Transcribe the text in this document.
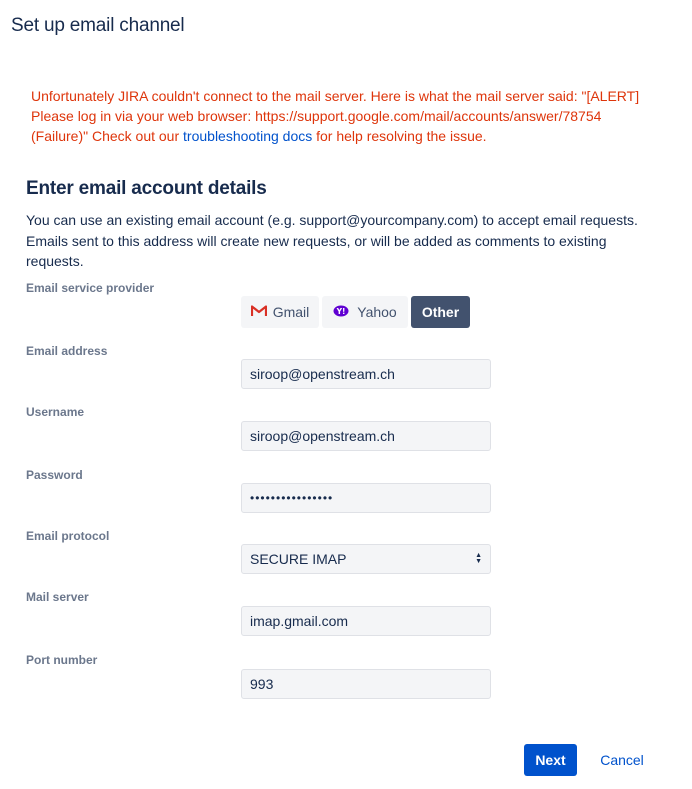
Set up email channel
Unfortunately JIRA couldn't connect to the mail server. Here is what the mail server said: "[ALERT] Please log in via your web browser: https://support.google.com/mail/accounts/answer/78754 (Failure)" Check out our troubleshooting docs for help resolving the issue.
Enter email account details
You can use an existing email account (e.g. support@yourcompany.com) to accept email requests. Emails sent to this address will create new requests, or will be added as comments to existing requests.
Email service provider
Gmail	Y! Yahoo Other
Email address
siroop@openstream.ch
Username
siroop@openstream.ch
Password
••••••••••••••••
Email protocol
SECURE IMAP	▲
▼
Mail server
imap.gmail.com
Port number
993
Next	Cancel
